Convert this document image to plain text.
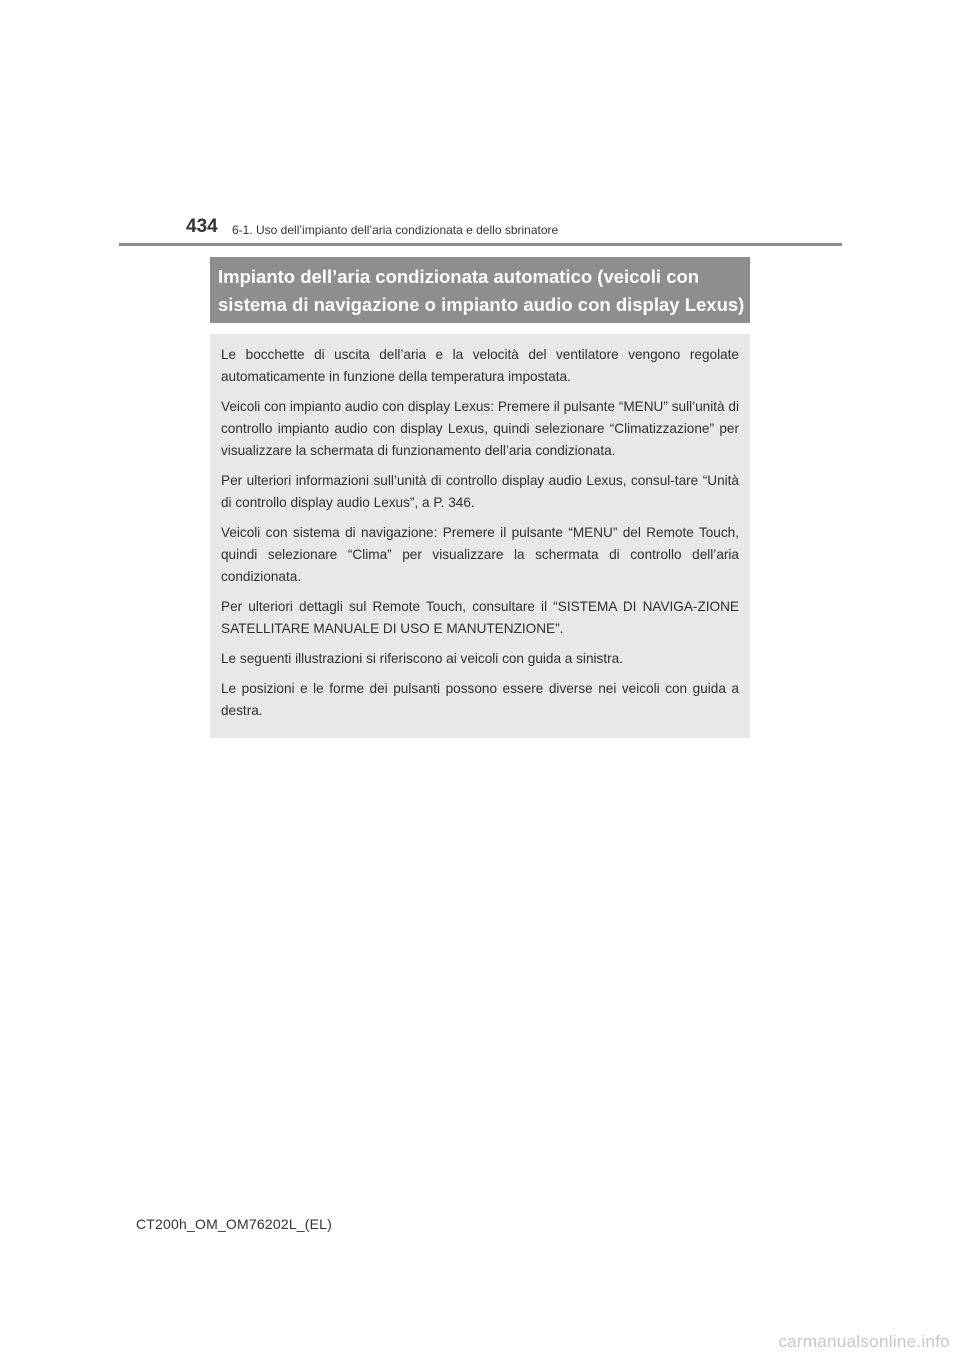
434 6-1. Uso dell’impianto dell’aria condizionata e dello sbrinatore
Impianto dell’aria condizionata automatico (veicoli con
sistema di navigazione o impianto audio con display Lexus)

Le bocchette di uscita dell’aria e la velocità del ventilatore vengono regolate automaticamente in funzione della temperatura impostata.

Veicoli con impianto audio con display Lexus: Premere il pulsante “MENU” sull’unità di controllo impianto audio con display Lexus, quindi selezionare “Climatizzazione” per visualizzare la schermata di funzionamento dell’aria condizionata.

Per ulteriori informazioni sull’unità di controllo display audio Lexus, consul-tare “Unità di controllo display audio Lexus”, a P. 346.

Veicoli con sistema di navigazione: Premere il pulsante “MENU” del Remote Touch, quindi selezionare “Clima” per visualizzare la schermata di controllo dell’aria condizionata.

Per ulteriori dettagli sul Remote Touch, consultare il “SISTEMA DI NAVIGA-ZIONE SATELLITARE MANUALE DI USO E MANUTENZIONE”.

Le seguenti illustrazioni si riferiscono ai veicoli con guida a sinistra.

Le posizioni e le forme dei pulsanti possono essere diverse nei veicoli con guida a destra.

CT200h_OM_OM76202L_(EL)
carmanualsonline.info
